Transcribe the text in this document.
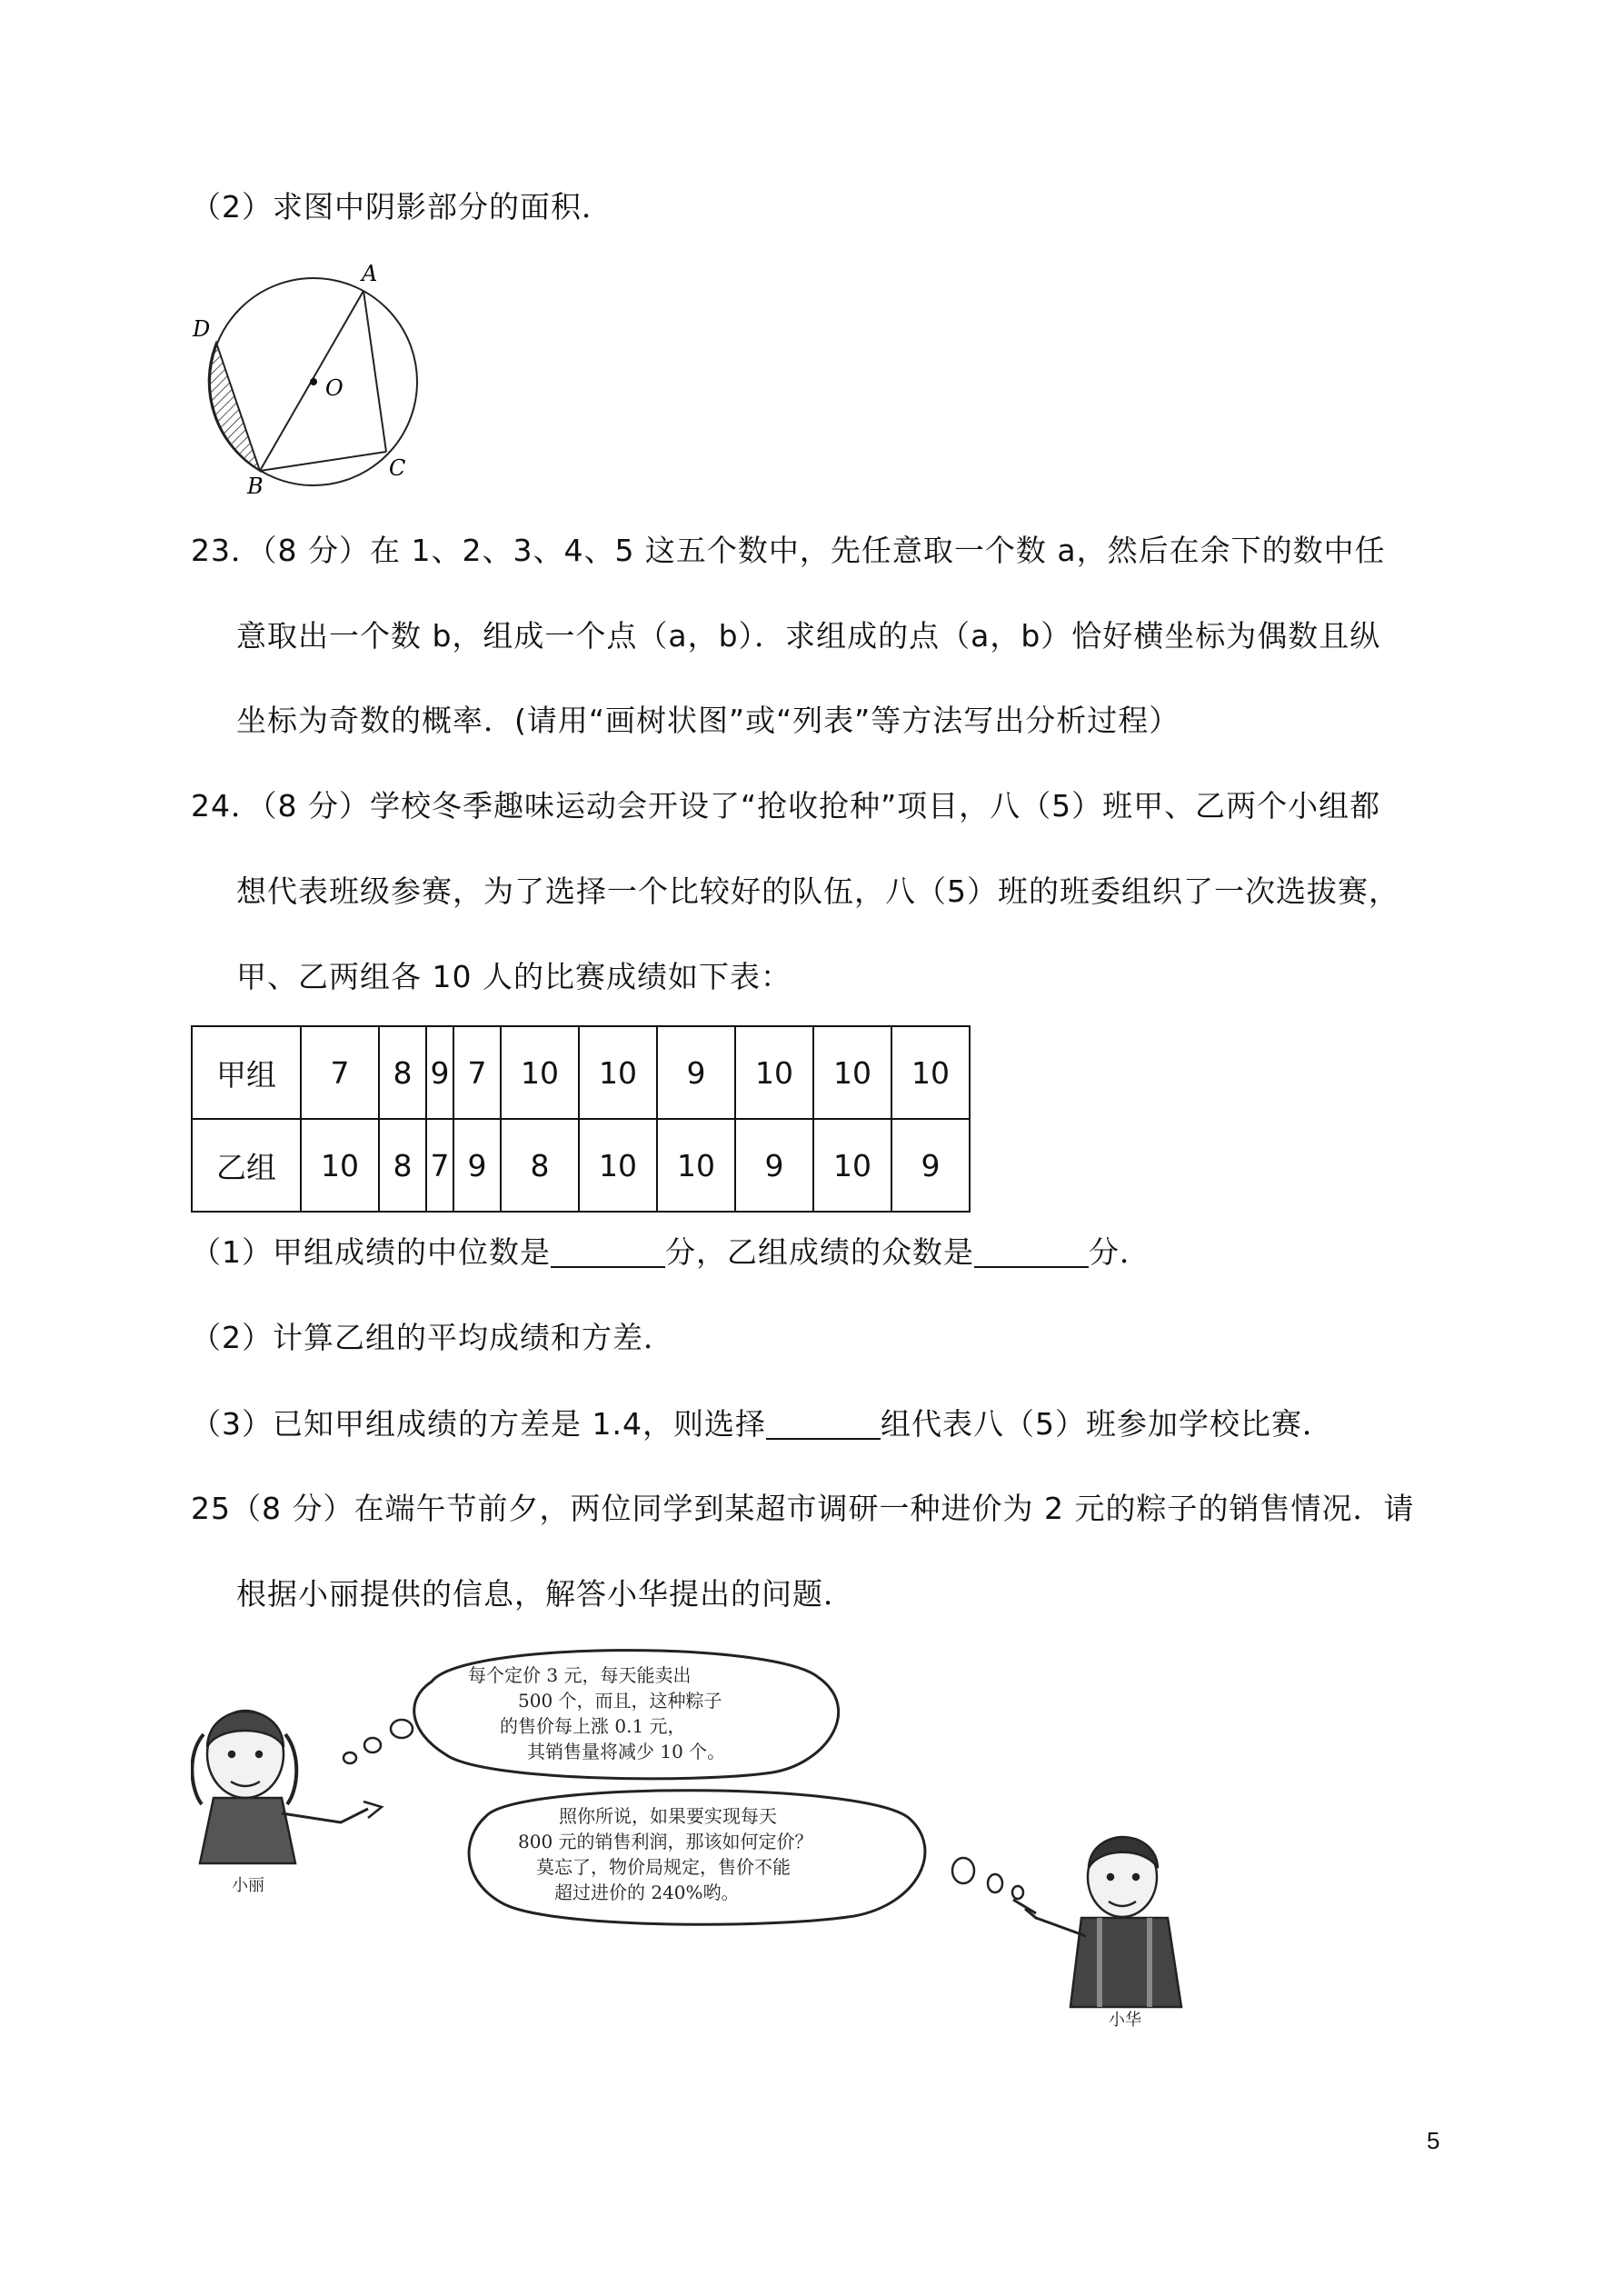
（2）求图中阴影部分的面积．
A
D
O
B
C
23．（8 分）在 1、2、3、4、5 这五个数中，先任意取一个数 a，然后在余下的数中任
意取出一个数 b，组成一个点（a，b）．求组成的点（a，b）恰好横坐标为偶数且纵
坐标为奇数的概率．(请用“画树状图”或“列表”等方法写出分析过程）
24．（8 分）学校冬季趣味运动会开设了“抢收抢种”项目，八（5）班甲、乙两个小组都
想代表班级参赛，为了选择一个比较好的队伍，八（5）班的班委组织了一次选拔赛，
甲、乙两组各 10 人的比赛成绩如下表：
甲组	7	8	9	7	10	10	9	10	10	10
乙组	10	8	7	9	8	10	10	9	10	9
（1）甲组成绩的中位数是	分，乙组成绩的众数是	分．
（2）计算乙组的平均成绩和方差．
（3）已知甲组成绩的方差是 1.4，则选择	组代表八（5）班参加学校比赛．
25（8 分）在端午节前夕，两位同学到某超市调研一种进价为 2 元的粽子的销售情况．请
根据小丽提供的信息，解答小华提出的问题．
每个定价 3 元，每天能卖出
500 个，而且，这种粽子
的售价每上涨 0.1 元，
其销售量将减少 10 个。
照你所说，如果要实现每天
800 元的销售利润，那该如何定价？
莫忘了，物价局规定，售价不能
超过进价的 240%哟。
小丽
小华
5
